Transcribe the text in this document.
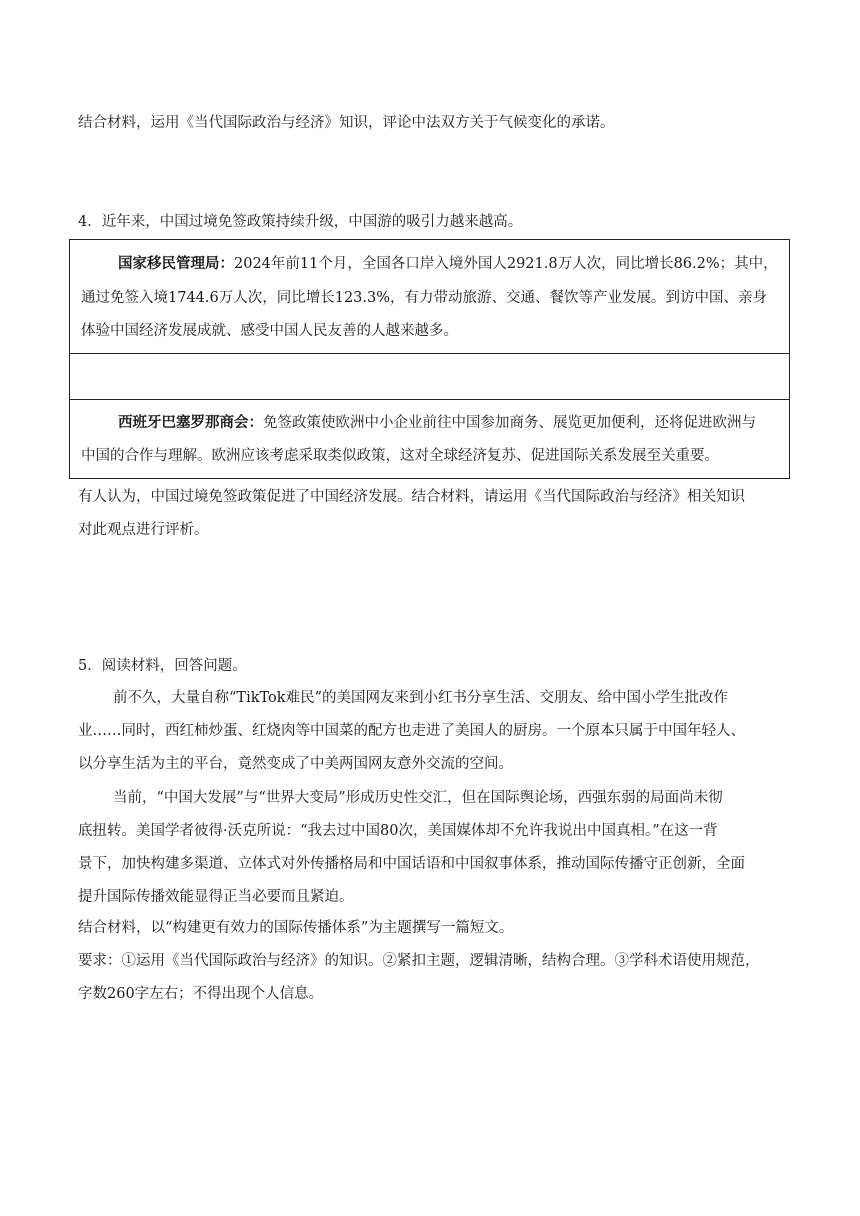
结合材料，运用《当代国际政治与经济》知识，评论中法双方关于气候变化的承诺。
4．近年来，中国过境免签政策持续升级，中国游的吸引力越来越高。
国家移民管理局：2024年前11个月，全国各口岸入境外国人2921.8万人次，同比增长86.2%；其中，
通过免签入境1744.6万人次，同比增长123.3%，有力带动旅游、交通、餐饮等产业发展。到访中国、亲身
体验中国经济发展成就、感受中国人民友善的人越来越多。
西班牙巴塞罗那商会：免签政策使欧洲中小企业前往中国参加商务、展览更加便利，还将促进欧洲与
中国的合作与理解。欧洲应该考虑采取类似政策，这对全球经济复苏、促进国际关系发展至关重要。
有人认为，中国过境免签政策促进了中国经济发展。结合材料，请运用《当代国际政治与经济》相关知识
对此观点进行评析。
5．阅读材料，回答问题。
前不久，大量自称“TikTok难民”的美国网友来到小红书分享生活、交朋友、给中国小学生批改作
业……同时，西红柿炒蛋、红烧肉等中国菜的配方也走进了美国人的厨房。一个原本只属于中国年轻人、
以分享生活为主的平台，竟然变成了中美两国网友意外交流的空间。
当前，“中国大发展”与“世界大变局”形成历史性交汇，但在国际舆论场，西强东弱的局面尚未彻
底扭转。美国学者彼得·沃克所说：“我去过中国80次，美国媒体却不允许我说出中国真相。”在这一背
景下，加快构建多渠道、立体式对外传播格局和中国话语和中国叙事体系，推动国际传播守正创新，全面
提升国际传播效能显得正当必要而且紧迫。
结合材料，以“构建更有效力的国际传播体系”为主题撰写一篇短文。
要求：①运用《当代国际政治与经济》的知识。②紧扣主题，逻辑清晰，结构合理。③学科术语使用规范，
字数260字左右；不得出现个人信息。
